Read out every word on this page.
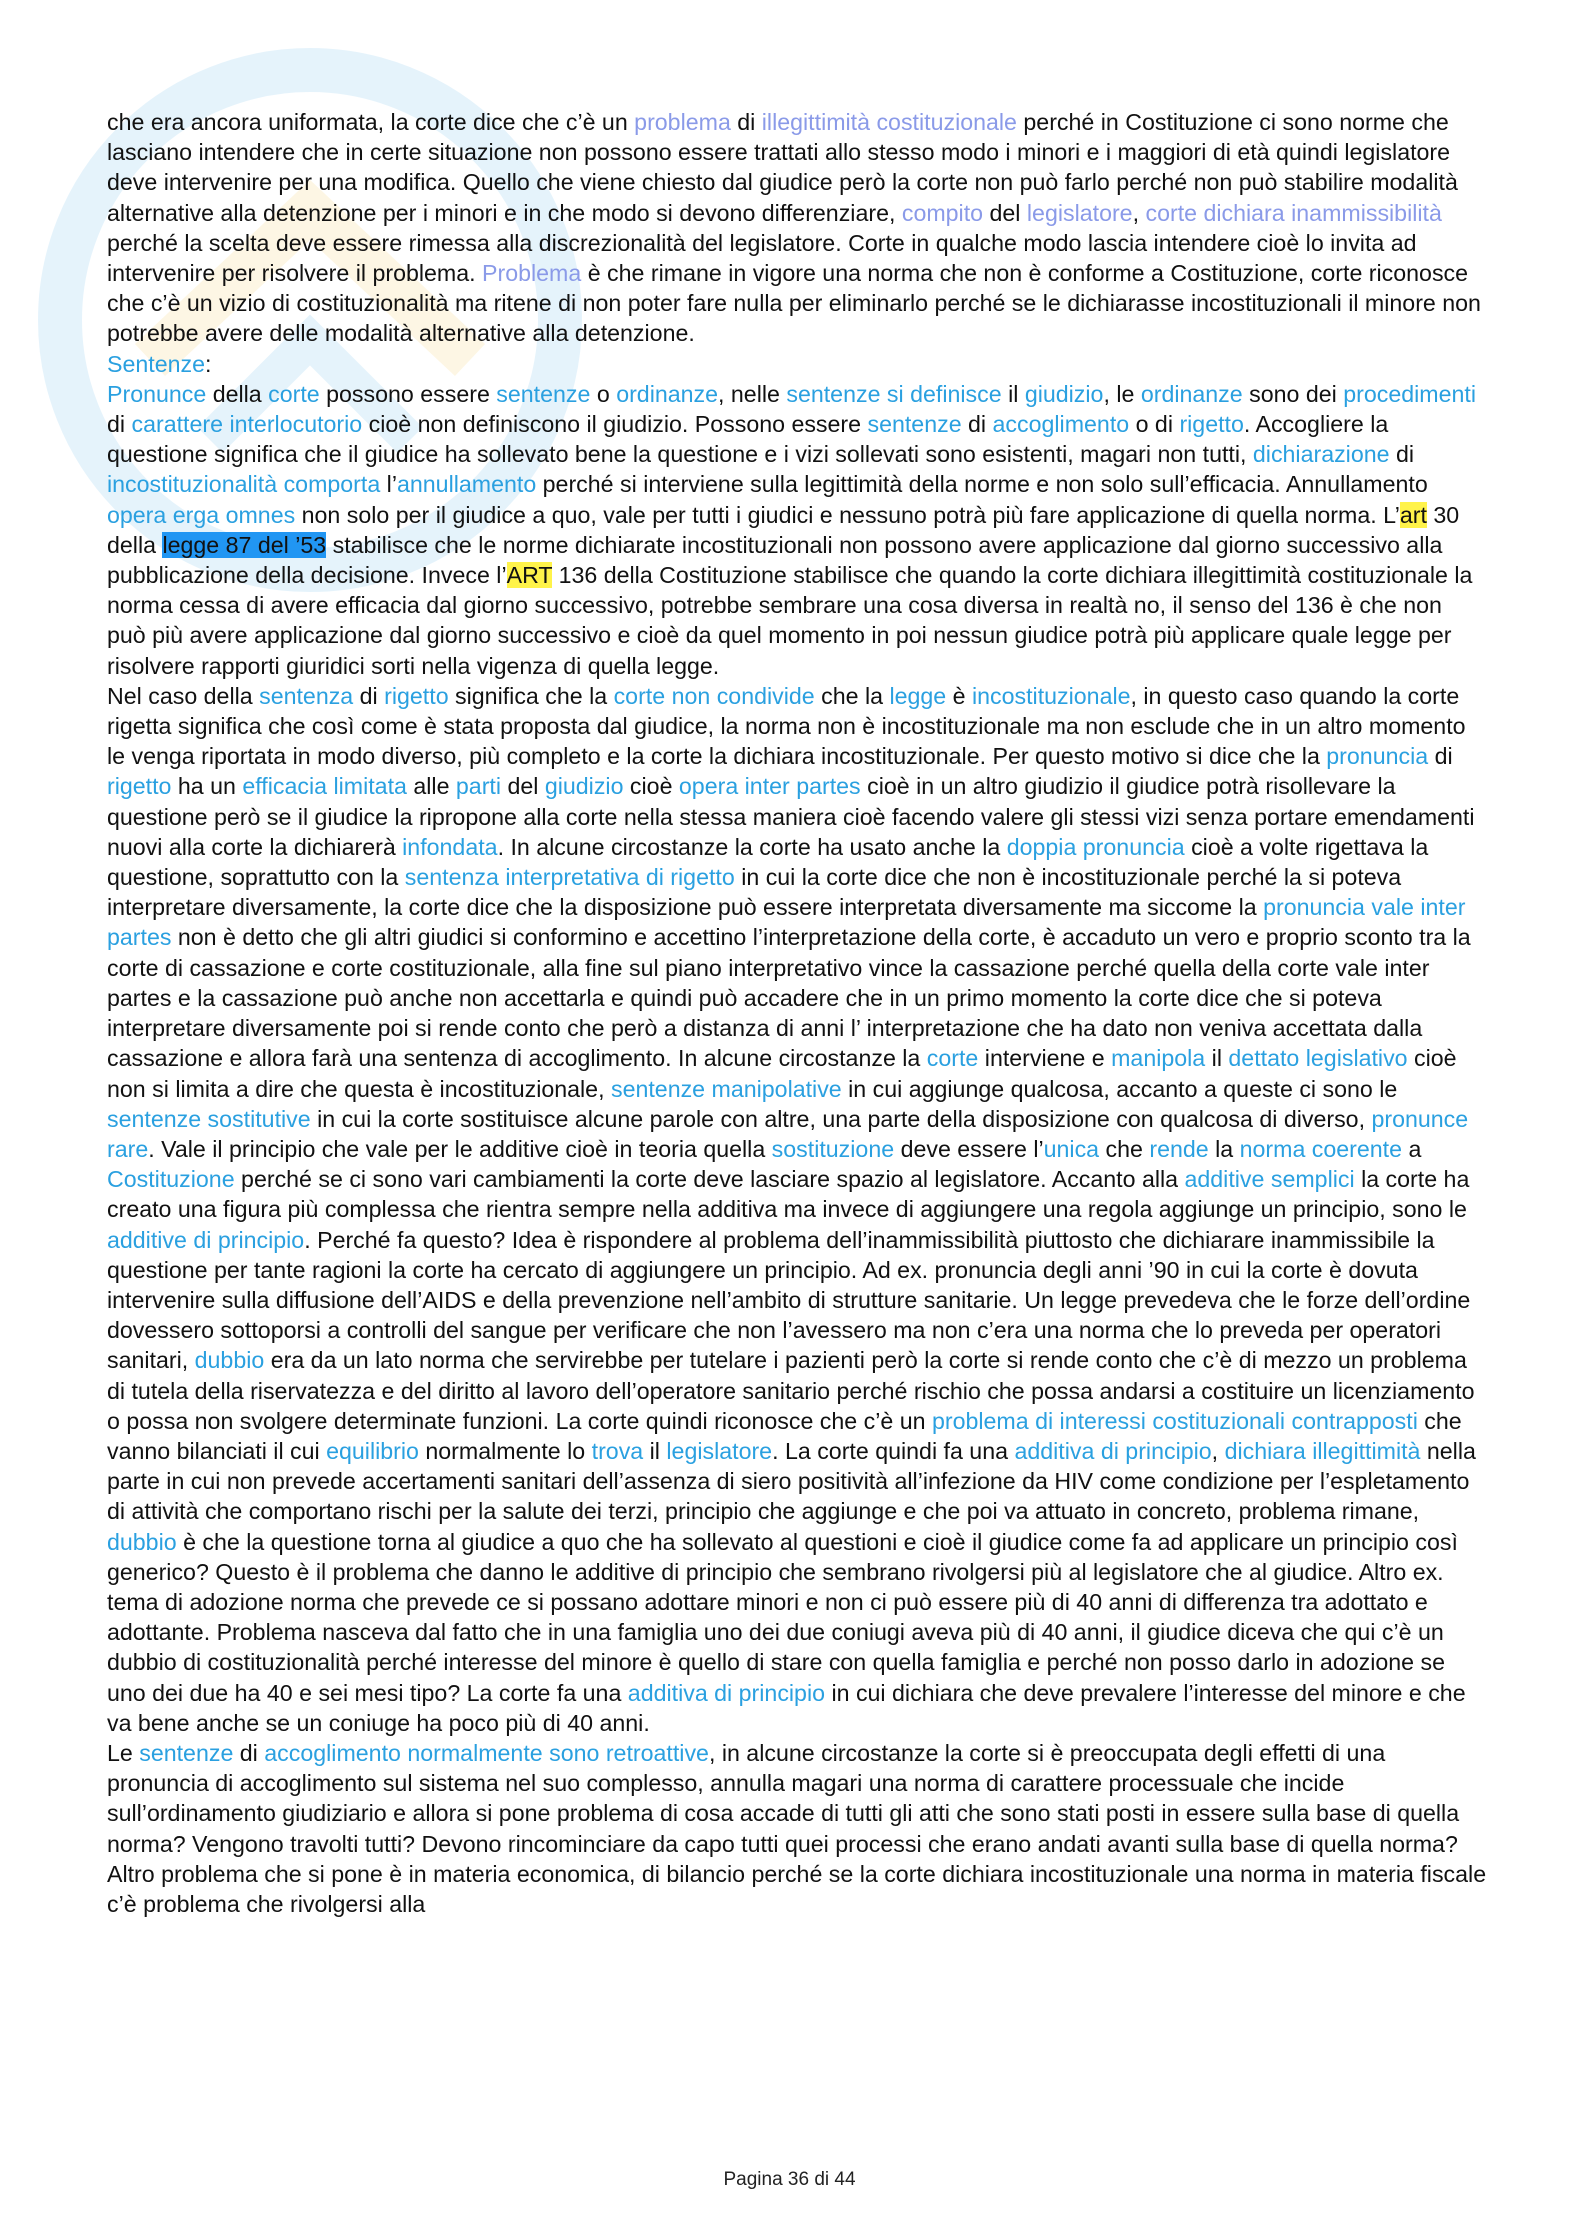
che era ancora uniformata, la corte dice che c’è un problema di illegittimità costituzionale perché in Costituzione ci sono norme che lasciano intendere che in certe situazione non possono essere trattati allo stesso modo i minori e i maggiori di età quindi legislatore deve intervenire per una modifica. Quello che viene chiesto dal giudice però la corte non può farlo perché non può stabilire modalità alternative alla detenzione per i minori e in che modo si devono differenziare, compito del legislatore, corte dichiara inammissibilità perché la scelta deve essere rimessa alla discrezionalità del legislatore. Corte in qualche modo lascia intendere cioè lo invita ad intervenire per risolvere il problema. Problema è che rimane in vigore una norma che non è conforme a Costituzione, corte riconosce che c’è un vizio di costituzionalità ma ritene di non poter fare nulla per eliminarlo perché se le dichiarasse incostituzionali il minore non potrebbe avere delle modalità alternative alla detenzione.

Sentenze:

Pronunce della corte possono essere sentenze o ordinanze, nelle sentenze si definisce il giudizio, le ordinanze sono dei procedimenti di carattere interlocutorio cioè non definiscono il giudizio. Possono essere sentenze di accoglimento o di rigetto. Accogliere la questione significa che il giudice ha sollevato bene la questione e i vizi sollevati sono esistenti, magari non tutti, dichiarazione di incostituzionalità comporta l’annullamento perché si interviene sulla legittimità della norme e non solo sull’efficacia. Annullamento opera erga omnes non solo per il giudice a quo, vale per tutti i giudici e nessuno potrà più fare applicazione di quella norma. L’art 30 della legge 87 del ’53 stabilisce che le norme dichiarate incostituzionali non possono avere applicazione dal giorno successivo alla pubblicazione della decisione. Invece l’ART 136 della Costituzione stabilisce che quando la corte dichiara illegittimità costituzionale la norma cessa di avere efficacia dal giorno successivo, potrebbe sembrare una cosa diversa in realtà no, il senso del 136 è che non può più avere applicazione dal giorno successivo e cioè da quel momento in poi nessun giudice potrà più applicare quale legge per risolvere rapporti giuridici sorti nella vigenza di quella legge.

Nel caso della sentenza di rigetto significa che la corte non condivide che la legge è incostituzionale, in questo caso quando la corte rigetta significa che così come è stata proposta dal giudice, la norma non è incostituzionale ma non esclude che in un altro momento le venga riportata in modo diverso, più completo e la corte la dichiara incostituzionale. Per questo motivo si dice che la pronuncia di rigetto ha un efficacia limitata alle parti del giudizio cioè opera inter partes cioè in un altro giudizio il giudice potrà risollevare la questione però se il giudice la ripropone alla corte nella stessa maniera cioè facendo valere gli stessi vizi senza portare emendamenti nuovi alla corte la dichiarerà infondata. In alcune circostanze la corte ha usato anche la doppia pronuncia cioè a volte rigettava la questione, soprattutto con la sentenza interpretativa di rigetto in cui la corte dice che non è incostituzionale perché la si poteva interpretare diversamente, la corte dice che la disposizione può essere interpretata diversamente ma siccome la pronuncia vale inter partes non è detto che gli altri giudici si conformino e accettino l’interpretazione della corte, è accaduto un vero e proprio sconto tra la corte di cassazione e corte costituzionale, alla fine sul piano interpretativo vince la cassazione perché quella della corte vale inter partes e la cassazione può anche non accettarla e quindi può accadere che in un primo momento la corte dice che si poteva interpretare diversamente poi si rende conto che però a distanza di anni l’ interpretazione che ha dato non veniva accettata dalla cassazione e allora farà una sentenza di accoglimento. In alcune circostanze la corte interviene e manipola il dettato legislativo cioè non si limita a dire che questa è incostituzionale, sentenze manipolative in cui aggiunge qualcosa, accanto a queste ci sono le sentenze sostitutive in cui la corte sostituisce alcune parole con altre, una parte della disposizione con qualcosa di diverso, pronunce rare. Vale il principio che vale per le additive cioè in teoria quella sostituzione deve essere l’unica che rende la norma coerente a Costituzione perché se ci sono vari cambiamenti la corte deve lasciare spazio al legislatore. Accanto alla additive semplici la corte ha creato una figura più complessa che rientra sempre nella additiva ma invece di aggiungere una regola aggiunge un principio, sono le additive di principio. Perché fa questo? Idea è rispondere al problema dell’inammissibilità piuttosto che dichiarare inammissibile la questione per tante ragioni la corte ha cercato di aggiungere un principio. Ad ex. pronuncia degli anni ’90 in cui la corte è dovuta intervenire sulla diffusione dell’AIDS e della prevenzione nell’ambito di strutture sanitarie. Un legge prevedeva che le forze dell’ordine dovessero sottoporsi a controlli del sangue per verificare che non l’avessero ma non c’era una norma che lo preveda per operatori sanitari, dubbio era da un lato norma che servirebbe per tutelare i pazienti però la corte si rende conto che c’è di mezzo un problema di tutela della riservatezza e del diritto al lavoro dell’operatore sanitario perché rischio che possa andarsi a costituire un licenziamento o possa non svolgere determinate funzioni. La corte quindi riconosce che c’è un problema di interessi costituzionali contrapposti che vanno bilanciati il cui equilibrio normalmente lo trova il legislatore. La corte quindi fa una additiva di principio, dichiara illegittimità nella parte in cui non prevede accertamenti sanitari dell’assenza di siero positività all’infezione da HIV come condizione per l’espletamento di attività che comportano rischi per la salute dei terzi, principio che aggiunge e che poi va attuato in concreto, problema rimane, dubbio è che la questione torna al giudice a quo che ha sollevato al questioni e cioè il giudice come fa ad applicare un principio così generico? Questo è il problema che danno le additive di principio che sembrano rivolgersi più al legislatore che al giudice. Altro ex. tema di adozione norma che prevede ce si possano adottare minori e non ci può essere più di 40 anni di differenza tra adottato e adottante. Problema nasceva dal fatto che in una famiglia uno dei due coniugi aveva più di 40 anni, il giudice diceva che qui c’è un dubbio di costituzionalità perché interesse del minore è quello di stare con quella famiglia e perché non posso darlo in adozione se uno dei due ha 40 e sei mesi tipo? La corte fa una additiva di principio in cui dichiara che deve prevalere l’interesse del minore e che va bene anche se un coniuge ha poco più di 40 anni.

Le sentenze di accoglimento normalmente sono retroattive, in alcune circostanze la corte si è preoccupata degli effetti di una pronuncia di accoglimento sul sistema nel suo complesso, annulla magari una norma di carattere processuale che incide sull’ordinamento giudiziario e allora si pone problema di cosa accade di tutti gli atti che sono stati posti in essere sulla base di quella norma? Vengono travolti tutti? Devono rincominciare da capo tutti quei processi che erano andati avanti sulla base di quella norma? Altro problema che si pone è in materia economica, di bilancio perché se la corte dichiara incostituzionale una norma in materia fiscale c’è problema che rivolgersi alla

Pagina 36 di 44
